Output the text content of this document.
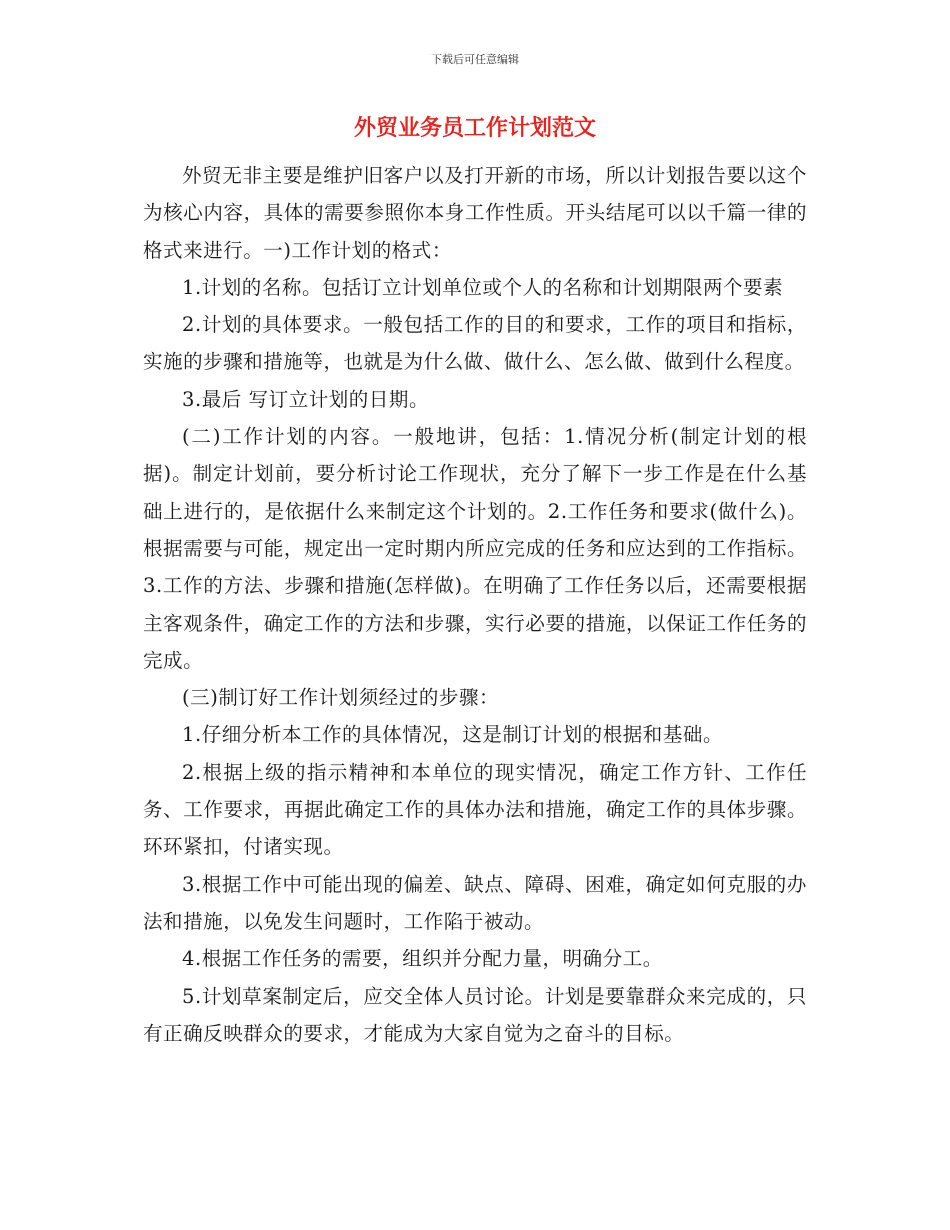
下载后可任意编辑
外贸业务员工作计划范文

外贸无非主要是维护旧客户以及打开新的市场，所以计划报告要以这个为核心内容，具体的需要参照你本身工作性质。开头结尾可以以千篇一律的格式来进行。一)工作计划的格式：

1.计划的名称。包括订立计划单位或个人的名称和计划期限两个要素

2.计划的具体要求。一般包括工作的目的和要求，工作的项目和指标，实施的步骤和措施等，也就是为什么做、做什么、怎么做、做到什么程度。

3.最后 写订立计划的日期。

(二)工作计划的内容。一般地讲，包括：1.情况分析(制定计划的根据)。制定计划前，要分析讨论工作现状，充分了解下一步工作是在什么基础上进行的，是依据什么来制定这个计划的。2.工作任务和要求(做什么)。根据需要与可能，规定出一定时期内所应完成的任务和应达到的工作指标。3.工作的方法、步骤和措施(怎样做)。在明确了工作任务以后，还需要根据主客观条件，确定工作的方法和步骤，实行必要的措施，以保证工作任务的完成。

(三)制订好工作计划须经过的步骤：

1.仔细分析本工作的具体情况，这是制订计划的根据和基础。

2.根据上级的指示精神和本单位的现实情况，确定工作方针、工作任务、工作要求，再据此确定工作的具体办法和措施，确定工作的具体步骤。环环紧扣，付诸实现。

3.根据工作中可能出现的偏差、缺点、障碍、困难，确定如何克服的办法和措施，以免发生问题时，工作陷于被动。

4.根据工作任务的需要，组织并分配力量，明确分工。

5.计划草案制定后，应交全体人员讨论。计划是要靠群众来完成的，只有正确反映群众的要求，才能成为大家自觉为之奋斗的目标。
